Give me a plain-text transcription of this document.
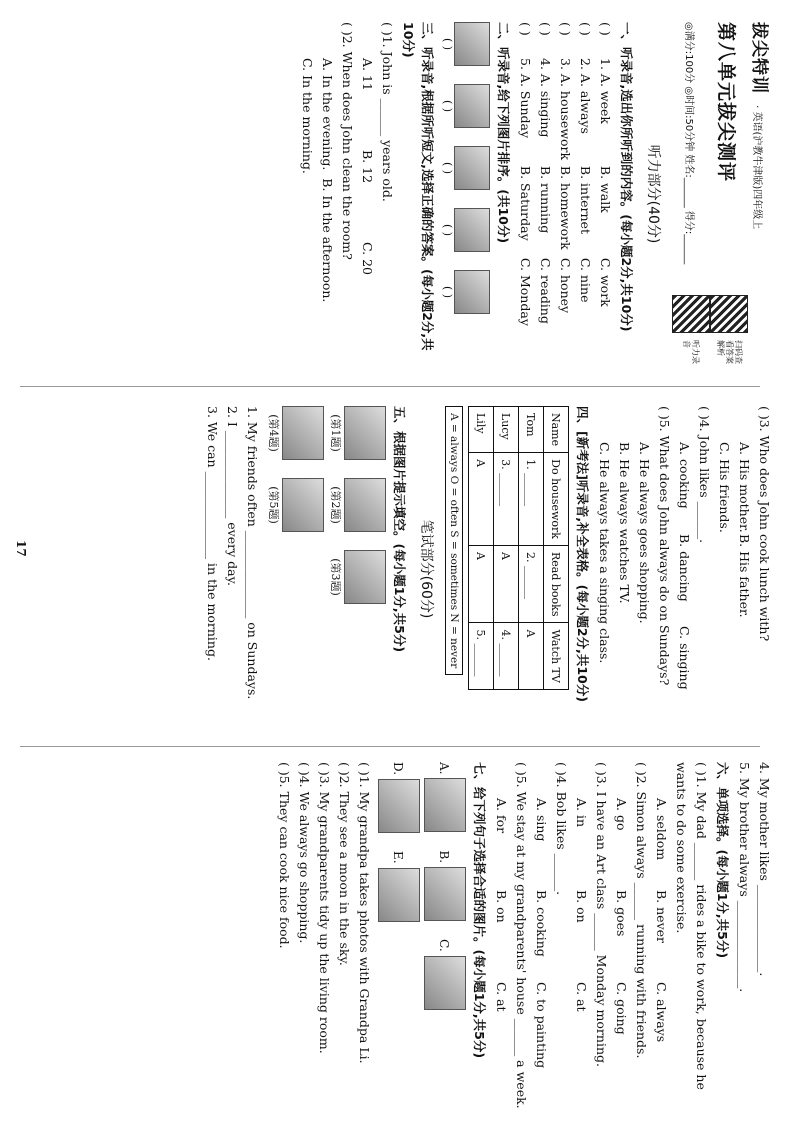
拔尖特训 · 英语(沪教牛津版)四年级上
第八单元拔尖测评
扫码查看答案解析
◎满分:100分 ◎时间:50分钟 姓名:______ 得分:______
听力录音
听力部分(40分)
一、听录音,选出你所听到的内容。(每小题2分,共10分)
( )1. A. weekB. walkC. work
( )2. A. alwaysB. internetC. nine
( )3. A. houseworkB. homeworkC. honey
( )4. A. singingB. runningC. reading
( )5. A. SundayB. SaturdayC. Monday
二、听录音,给下列图片排序。(共10分)
( )
( )
( )
( )
( )
三、听录音,根据所听短文,选择正确的答案。(每小题2分,共10分)
( )1. John is ______ years old.
A. 11B. 12C. 20
( )2. When does John clean the room?
A. In the evening.  B. In the afternoon.
C. In the morning.
( )3. Who does John cook lunch with?
A. His mother.B. His father.
C. His friends.
( )4. John likes ______.
A. cookingB. dancingC. singing
( )5. What does John always do on Sundays?
A. He always goes shopping.
B. He always watches TV.
C. He always takes a singing class.
四、[新考法]听录音,补全表格。(每小题2分,共10分)
Name	Do housework	Read books	Watch TV
Tom	1. ______	2. ______	A
Lucy	3. ______	A	4. ______
Lily	A	A	5. ______
A = always O = often S = sometimes N = never
笔试部分(60分)
五、根据图片提示填空。(每小题1分,共5分)
(第1题)
(第2题)
(第3题)
(第4题)
(第5题)
1. My friends often ______________ on Sundays.
2. I ______________ every day.
3. We can ______________ in the morning.
4. My mother likes ______________.
5. My brother always ______________.
六、单项选择。(每小题1分,共5分)
( )1. My dad ______ rides a bike to work, because he wants to do some exercise.
A. seldomB. neverC. always
( )2. Simon always ______ running with friends.
A. goB. goesC. going
( )3. I have an Art class ______ Monday morning.
A. inB. onC. at
( )4. Bob likes ______.
A. singB. cookingC. to painting
( )5. We stay at my grandparents' house ______ a week.
A. forB. onC. at
七、给下列句子选择合适的图片。(每小题1分,共5分)
A.
B.
C.
D.
E.
( )1. My grandpa takes photos with Grandpa Li.
( )2. They see a moon in the sky.
( )3. My grandparents tidy up the living room.
( )4. We always go shopping.
( )5. They can cook nice food.
17
